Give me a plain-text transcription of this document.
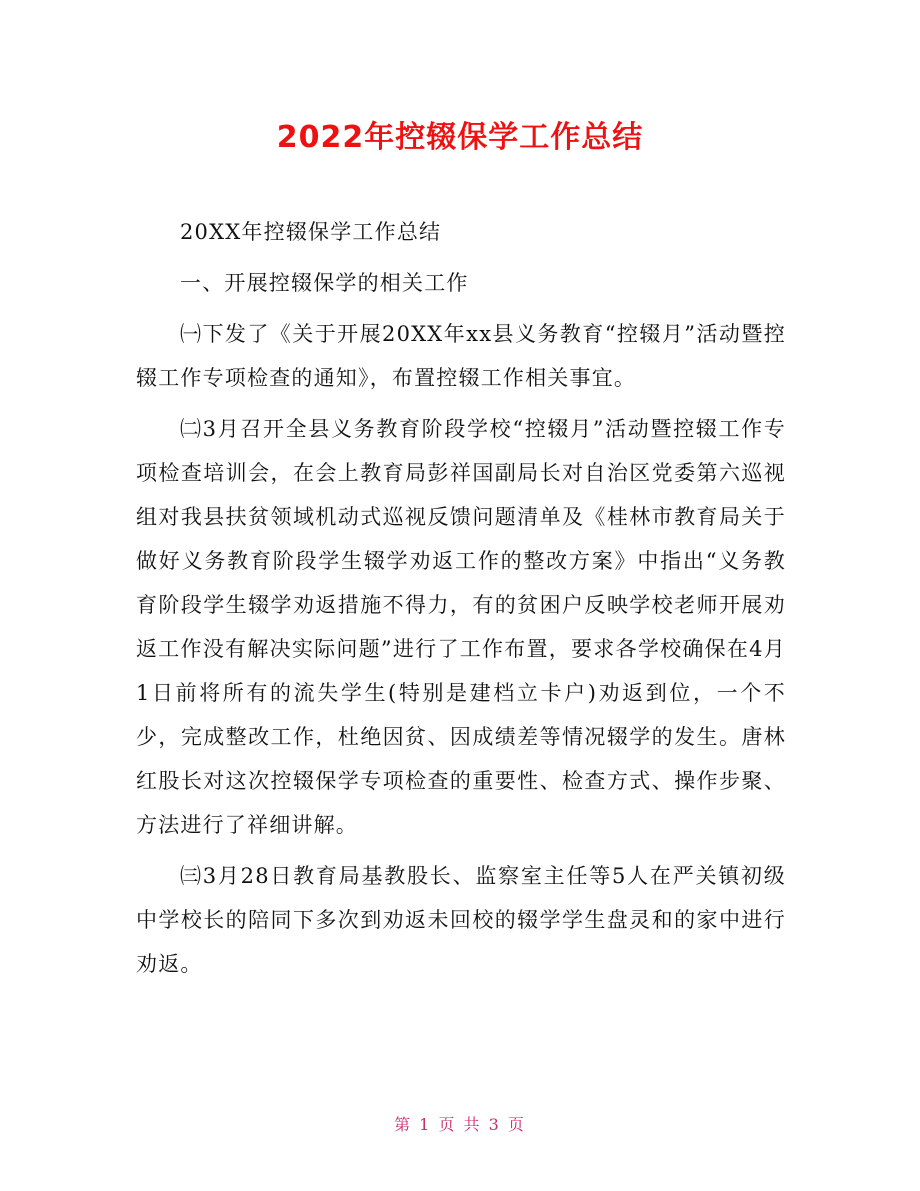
2022年控辍保学工作总结

20XX年控辍保学工作总结

一、开展控辍保学的相关工作

㈠下发了《关于开展20XX年xx县义务教育“控辍月”活动暨控辍工作专项检查的通知》，布置控辍工作相关事宜。

㈡3月召开全县义务教育阶段学校“控辍月”活动暨控辍工作专项检查培训会，在会上教育局彭祥国副局长对自治区党委第六巡视组对我县扶贫领域机动式巡视反馈问题清单及《桂林市教育局关于做好义务教育阶段学生辍学劝返工作的整改方案》中指出“义务教育阶段学生辍学劝返措施不得力，有的贫困户反映学校老师开展劝返工作没有解决实际问题”进行了工作布置，要求各学校确保在4月1日前将所有的流失学生(特别是建档立卡户)劝返到位，一个不少，完成整改工作，杜绝因贫、因成绩差等情况辍学的发生。唐林红股长对这次控辍保学专项检查的重要性、检查方式、操作步聚、方法进行了祥细讲解。

㈢3月28日教育局基教股长、监察室主任等5人在严关镇初级中学校长的陪同下多次到劝返未回校的辍学学生盘灵和的家中进行劝返。

第 1 页 共 3 页
